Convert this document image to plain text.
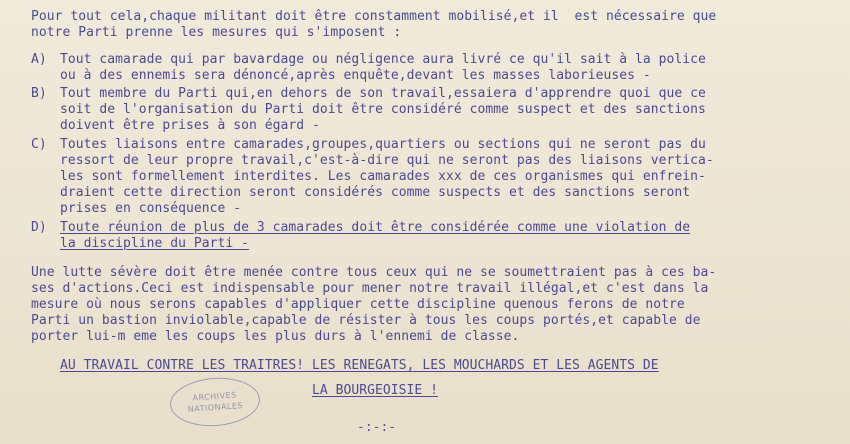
Pour tout cela,chaque militant doit être constamment mobilisé,et il  est nécessaire que

notre Parti prenne les mesures qui s'imposent :

A) Tout camarade qui par bavardage ou négligence aura livré ce qu'il sait à la police

ou à des ennemis sera dénoncé,après enquête,devant les masses laborieuses -

B) Tout membre du Parti qui,en dehors de son travail,essaiera d'apprendre quoi que ce

soit de l'organisation du Parti doit être considéré comme suspect et des sanctions

doivent être prises à son égard -

C) Toutes liaisons entre camarades,groupes,quartiers ou sections qui ne seront pas du

ressort de leur propre travail,c'est-à-dire qui ne seront pas des liaisons vertica-

les sont formellement interdites. Les camarades xxx de ces organismes qui enfrein-

draient cette direction seront considérés comme suspects et des sanctions seront

prises en conséquence -

D) Toute réunion de plus de 3 camarades doit être considérée comme une violation de

la discipline du Parti -

Une lutte sévère doit être menée contre tous ceux qui ne se soumettraient pas à ces ba-

ses d'actions.Ceci est indispensable pour mener notre travail illégal,et c'est dans la

mesure où nous serons capables d'appliquer cette discipline quenous ferons de notre

Parti un bastion inviolable,capable de résister à tous les coups portés,et capable de

porter lui-m eme les coups les plus durs à l'ennemi de classe.

AU TRAVAIL CONTRE LES TRAITRES! LES RENEGATS, LES MOUCHARDS ET LES AGENTS DE

LA BOURGEOISIE !

-:-:-

ARCHIVES
NATIONALES
